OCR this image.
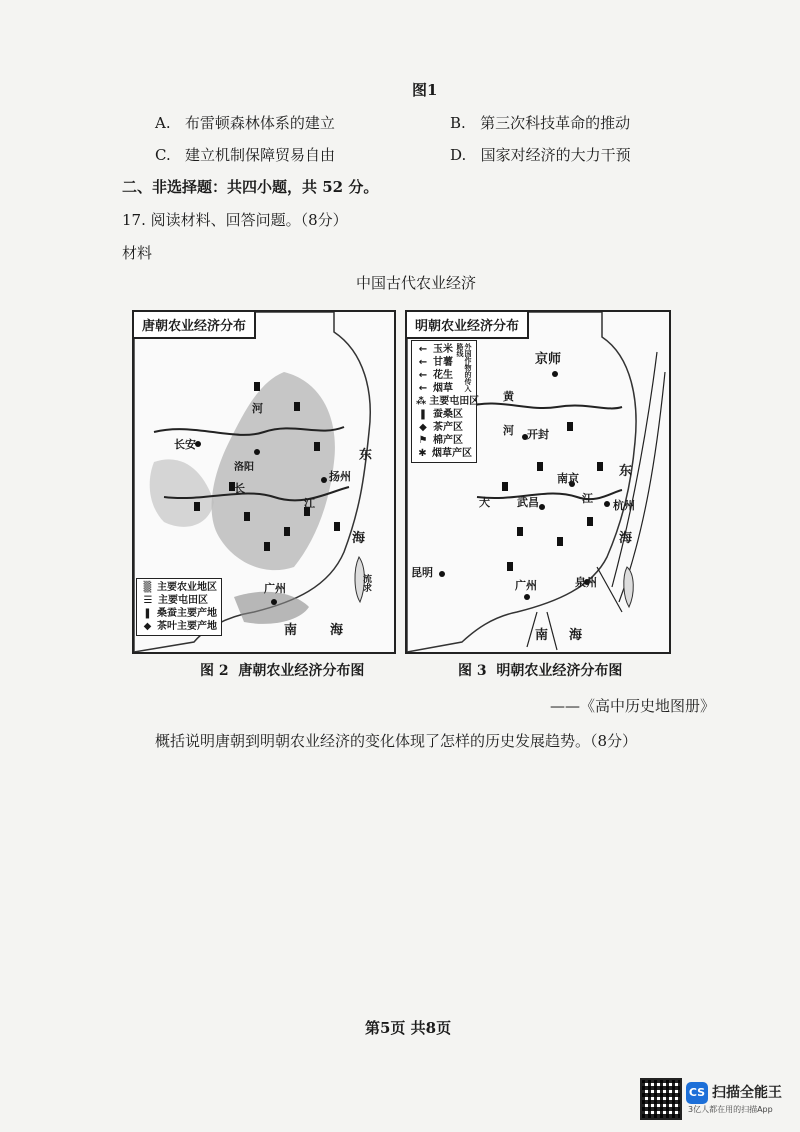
图1
A. 布雷顿森林体系的建立	B. 第三次科技革命的推动
C. 建立机制保障贸易自由	D. 国家对经济的大力干预
二、非选择题：共四小题，共 52 分。
17. 阅读材料、回答问题。（8分）
材料
中国古代农业经济
唐朝农业经济分布
长安
洛阳
扬州
广州
东
海
南	海
长
江
河
流求
▒ 主要农业地区
☰ 主要屯田区
❚ 桑蚕主要产地
◆ 茶叶主要产地
明朝农业经济分布
京师
开封
南京
武昌	杭州
泉州
广州
昆明
东
海
南 海
大	江
黄
河
← 玉米
← 甘薯
← 花生
← 烟草	外国作物的传入路线
⁂ 主要屯田区
❚ 蚕桑区
◆ 茶产区
⚑ 棉产区
✱ 烟草产区
图 2 唐朝农业经济分布图	图 3 明朝农业经济分布图
——《高中历史地图册》
概括说明唐朝到明朝农业经济的变化体现了怎样的历史发展趋势。（8分）
第5页 共8页
CS 扫描全能王
3亿人都在用的扫描App
